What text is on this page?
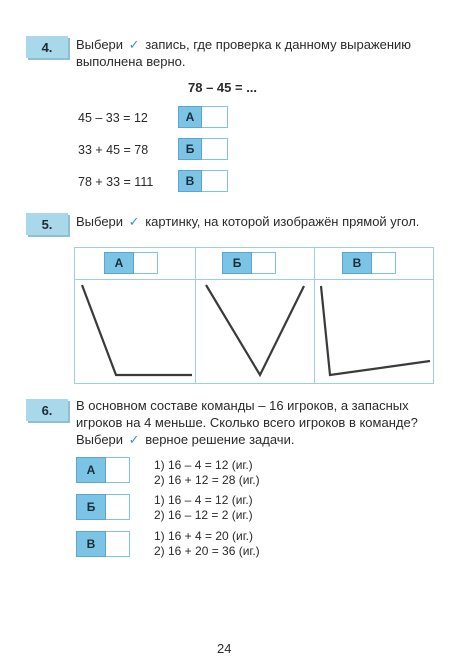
4.	Выбери ✓ запись, где проверка к данному выражению
выполнена верно.
78 – 45 = ...
45 – 33 = 12	А
33 + 45 = 78	Б
78 + 33 = 111	В
5.	Выбери ✓ картинку, на которой изображён прямой угол.
А	Б	В
6.	В основном составе команды – 16 игроков, а запасных
игроков на 4 меньше. Сколько всего игроков в команде?
Выбери ✓ верное решение задачи.
А	1) 16 – 4 = 12 (иг.)
2) 16 + 12 = 28 (иг.)
Б	1) 16 – 4 = 12 (иг.)
2) 16 – 12 = 2 (иг.)
В
1) 16 + 4 = 20 (иг.)
2) 16 + 20 = 36 (иг.)
24
